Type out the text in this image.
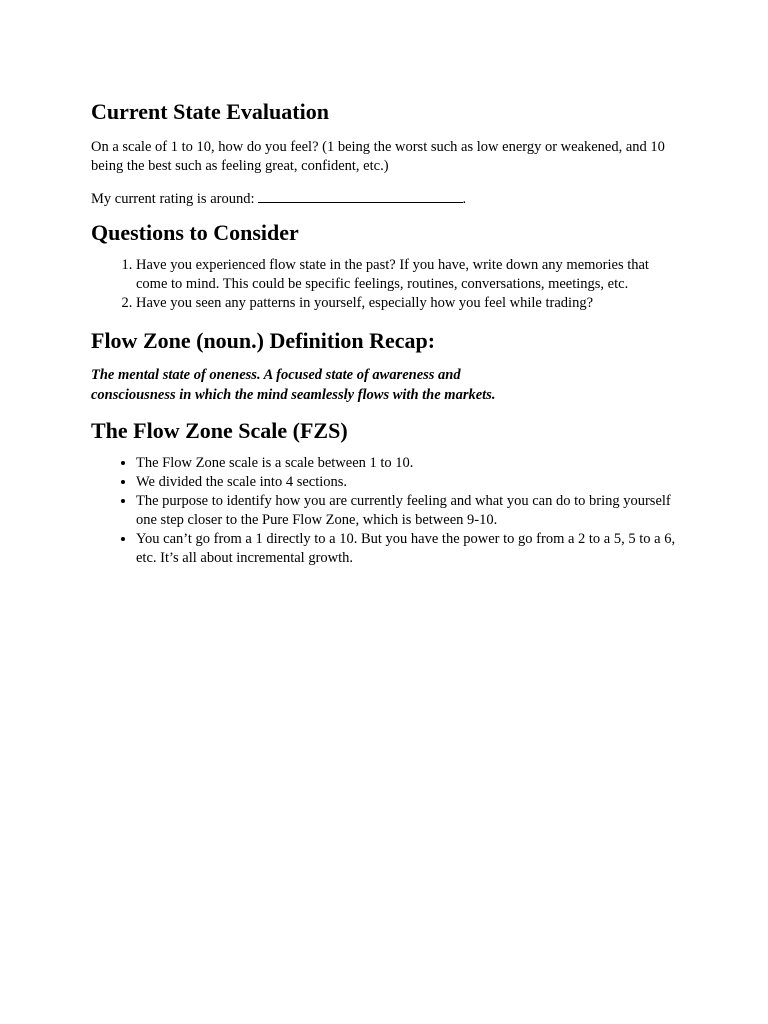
Current State Evaluation

On a scale of 1 to 10, how do you feel? (1 being the worst such as low energy or weakened, and 10 being the best such as feeling great, confident, etc.)

My current rating is around:	.

Questions to Consider
1. Have you experienced flow state in the past? If you have, write down any memories that come to mind. This could be specific feelings, routines, conversations, meetings, etc.
2. Have you seen any patterns in yourself, especially how you feel while trading?
Flow Zone (noun.) Definition Recap:
The mental state of oneness. A focused state of awareness and
consciousness in which the mind seamlessly flows with the markets.
The Flow Zone Scale (FZS)
• The Flow Zone scale is a scale between 1 to 10.
• We divided the scale into 4 sections.
• The purpose to identify how you are currently feeling and what you can do to bring yourself one step closer to the Pure Flow Zone, which is between 9-10.
• You can’t go from a 1 directly to a 10. But you have the power to go from a 2 to a 5, 5 to a 6, etc. It’s all about incremental growth.
